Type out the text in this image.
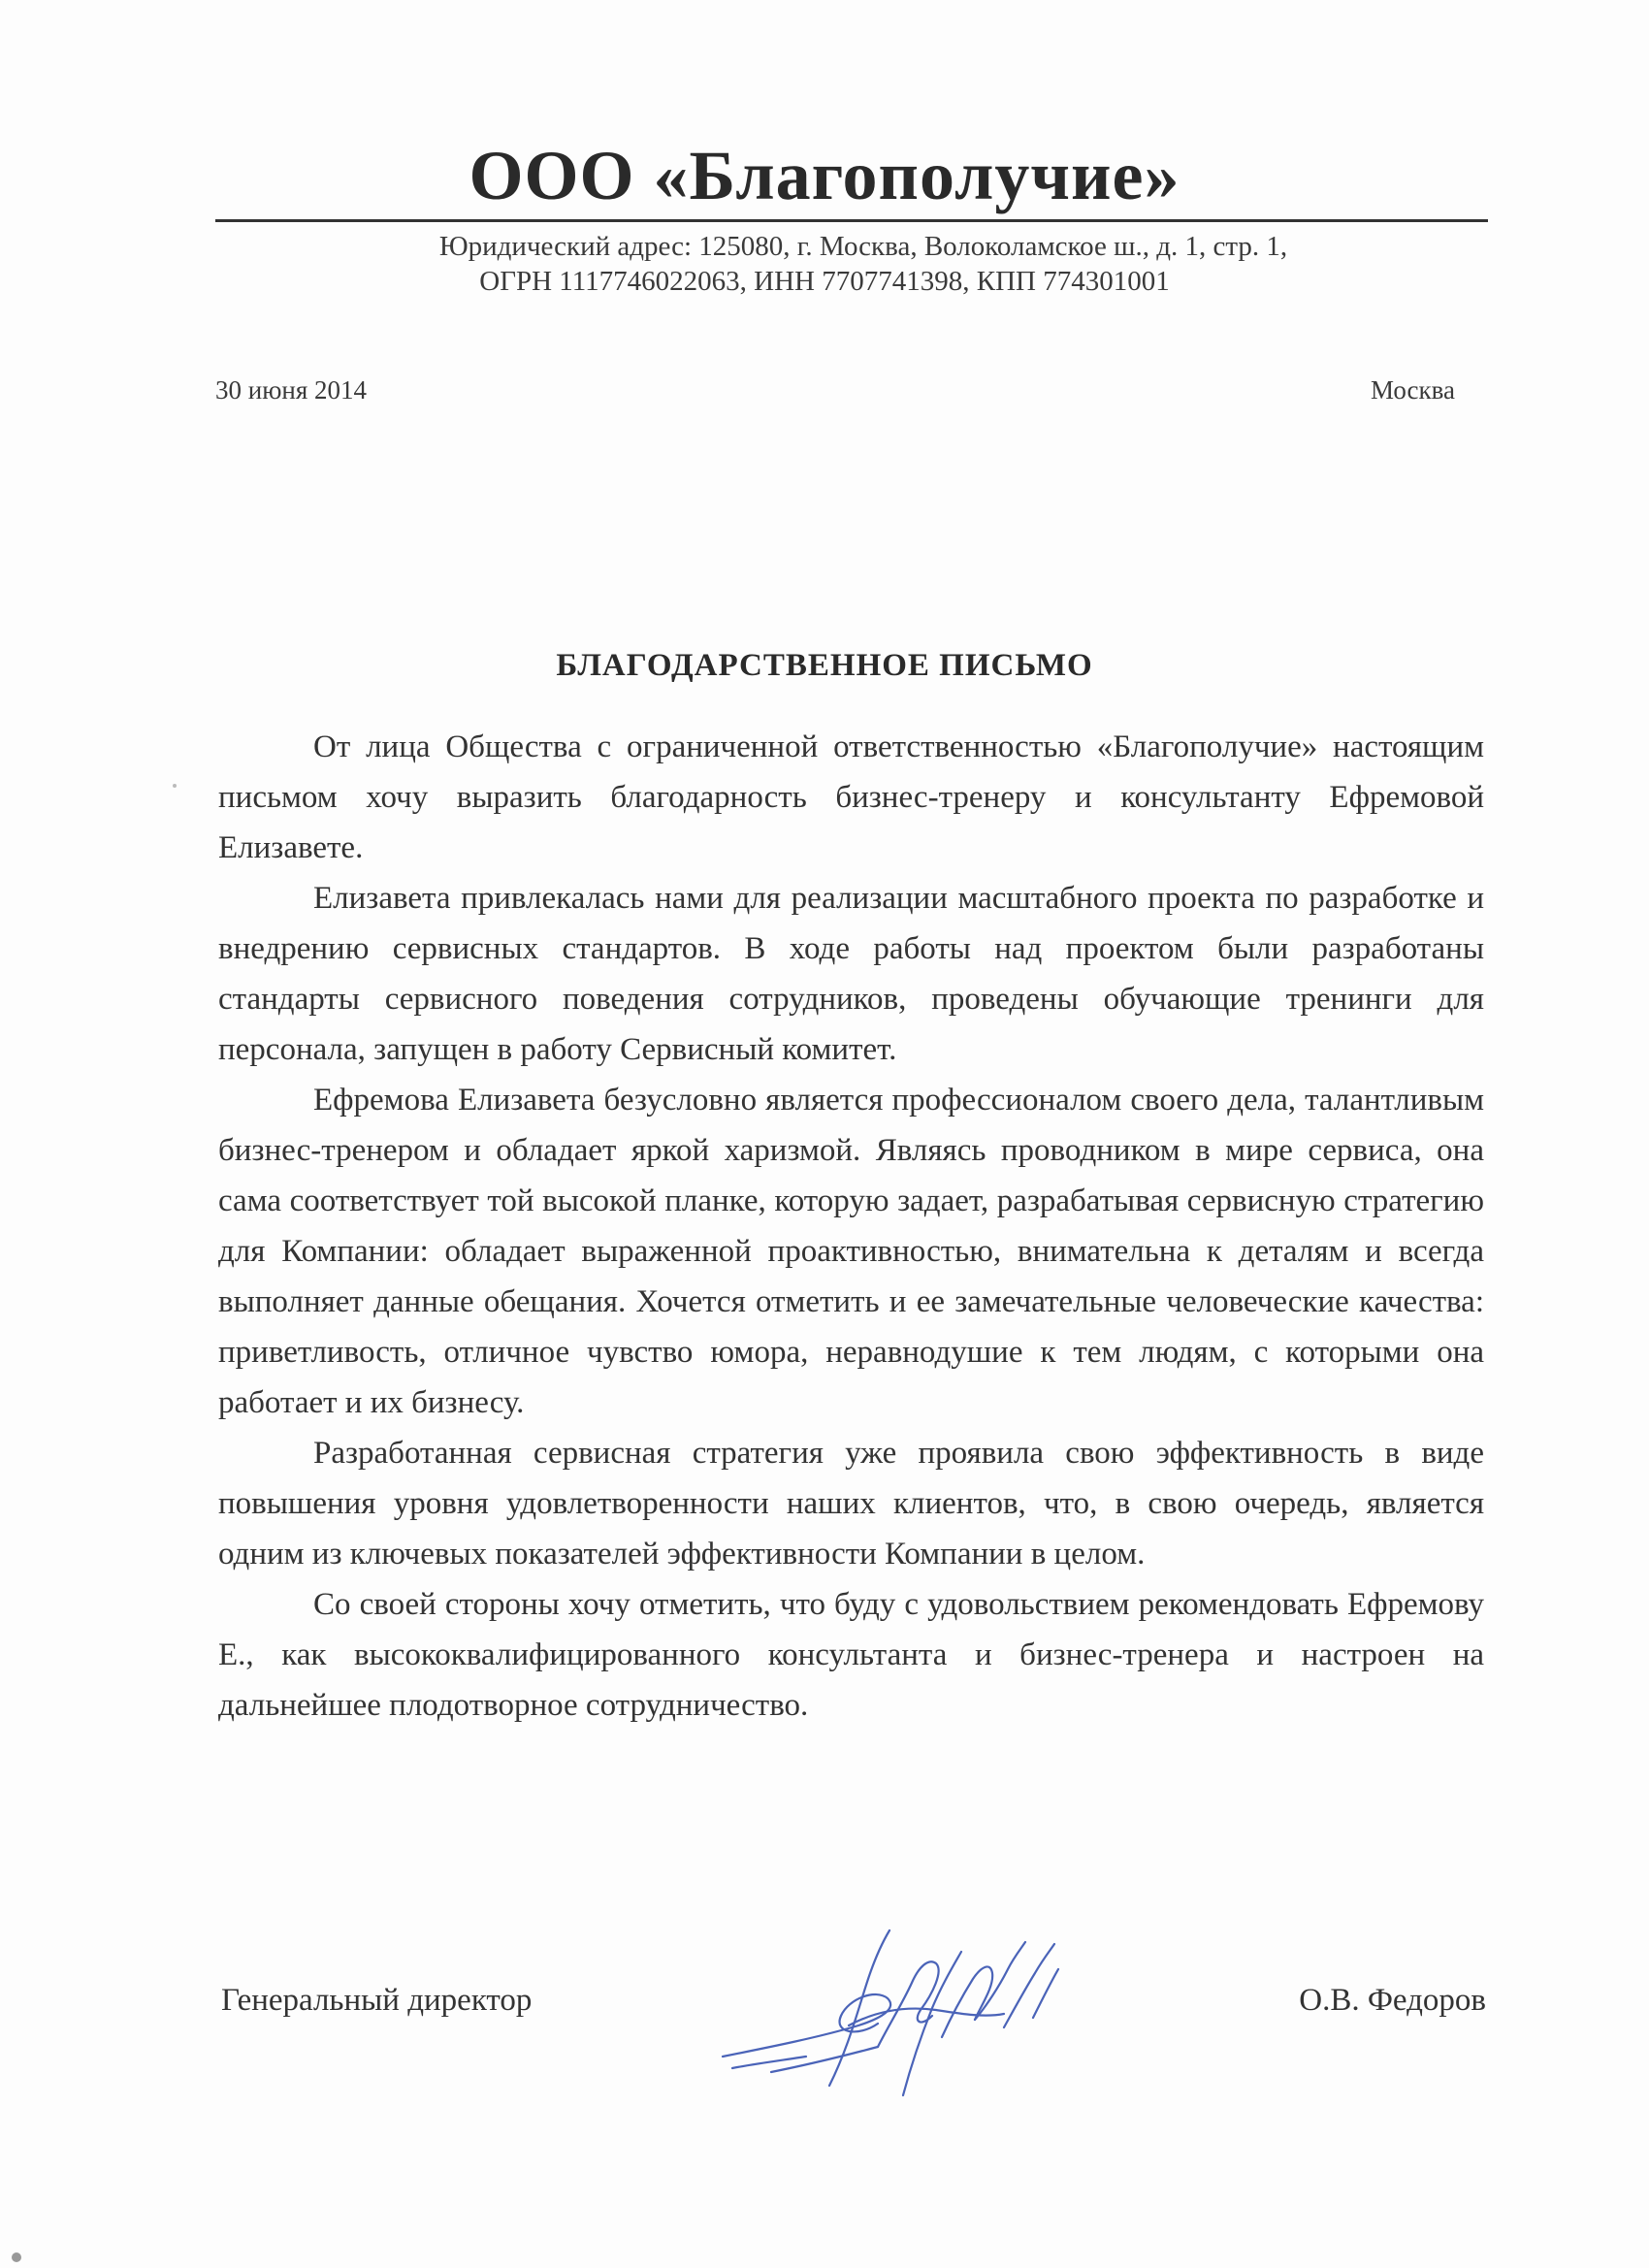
ООО «Благополучие»

Юридический адрес: 125080, г. Москва, Волоколамское ш., д. 1, стр. 1,

ОГРН 1117746022063, ИНН 7707741398, КПП 774301001

30 июня 2014	Москва
БЛАГОДАРСТВЕННОЕ ПИСЬМО

От лица Общества с ограниченной ответственностью «Благополучие» настоящим письмом хочу выразить благодарность бизнес-тренеру и консультанту Ефремовой Елизавете.

Елизавета привлекалась нами для реализации масштабного проекта по разработке и внедрению сервисных стандартов. В ходе работы над проектом были разработаны стандарты сервисного поведения сотрудников, проведены обучающие тренинги для персонала, запущен в работу Сервисный комитет.

Ефремова Елизавета безусловно является профессионалом своего дела, талантливым бизнес-тренером и обладает яркой харизмой. Являясь проводником в мире сервиса, она сама соответствует той высокой планке, которую задает, разрабатывая сервисную стратегию для Компании: обладает выраженной проактивностью, внимательна к деталям и всегда выполняет данные обещания. Хочется отметить и ее замечательные человеческие качества: приветливость, отличное чувство юмора, неравнодушие к тем людям, с которыми она работает и их бизнесу.

Разработанная сервисная стратегия уже проявила свою эффективность в виде повышения уровня удовлетворенности наших клиентов, что, в свою очередь, является одним из ключевых показателей эффективности Компании в целом.

Со своей стороны хочу отметить, что буду с удовольствием рекомендовать Ефремову Е., как высококвалифицированного консультанта и бизнес-тренера и настроен на дальнейшее плодотворное сотрудничество.

Генеральный директор	О.В. Федоров
